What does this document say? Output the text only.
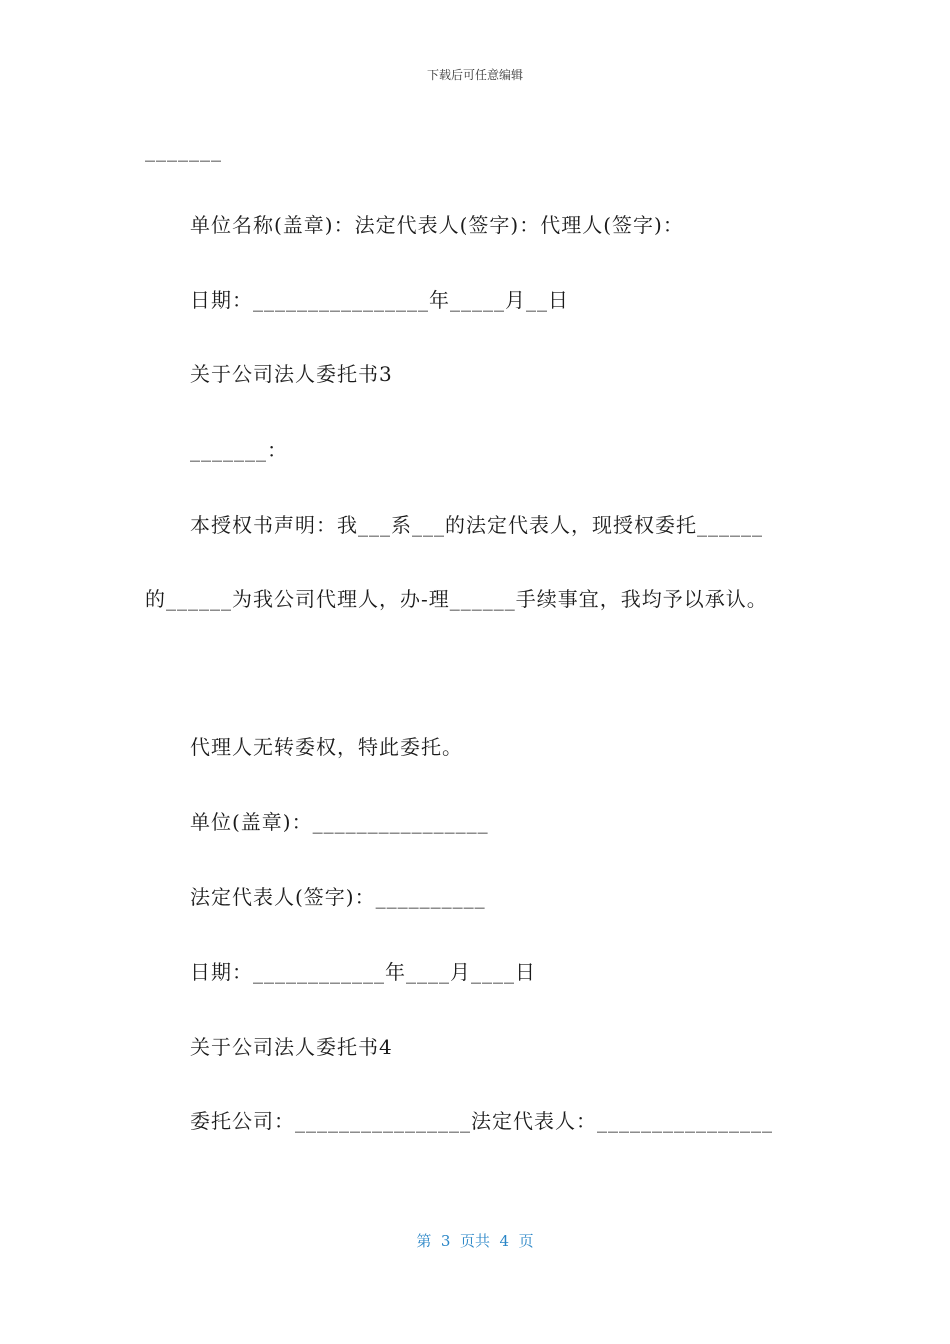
下载后可任意编辑
_______
单位名称(盖章)：法定代表人(签字)：代理人(签字)：
日期：________________年_____月__日
关于公司法人委托书3
_______：
本授权书声明：我___系___的法定代表人，现授权委托______
的______为我公司代理人，办-理______手续事宜，我均予以承认。
代理人无转委权，特此委托。
单位(盖章)：________________
法定代表人(签字)：__________
日期：____________年____月____日
关于公司法人委托书4
委托公司：________________法定代表人：________________
第  3  页共  4  页
